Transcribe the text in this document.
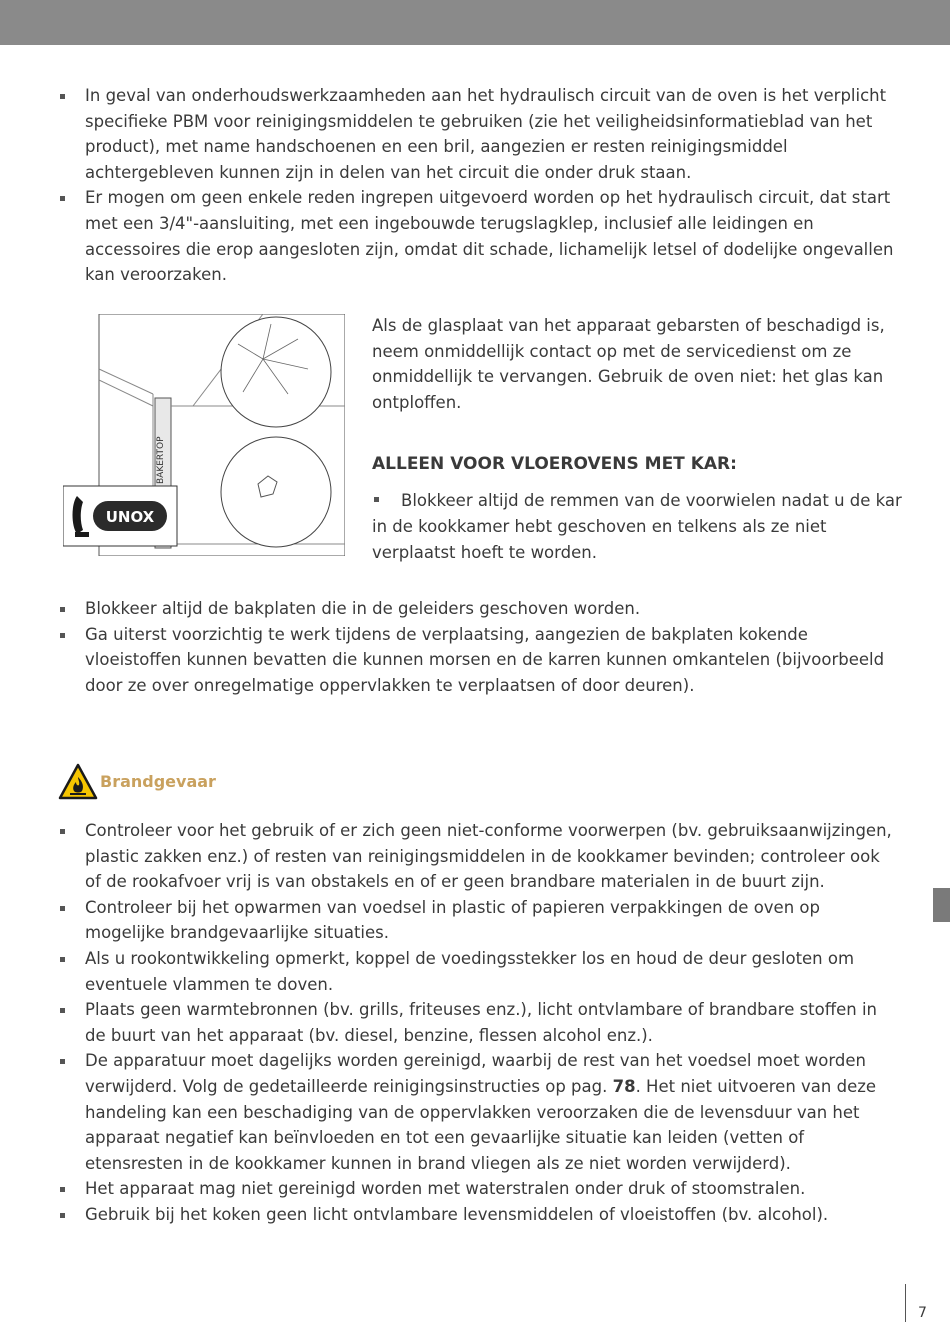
In geval van onderhoudswerkzaamheden aan het hydraulisch circuit van de oven is het verplicht specifieke PBM voor reinigingsmiddelen te gebruiken (zie het veiligheidsinformatieblad van het product), met name handschoenen en een bril, aangezien er resten reinigingsmiddel achtergebleven kunnen zijn in delen van het circuit die onder druk staan.
Er mogen om geen enkele reden ingrepen uitgevoerd worden op het hydraulisch circuit, dat start met een 3/4"-aansluiting, met een ingebouwde terugslagklep, inclusief alle leidingen en accessoires die erop aangesloten zijn, omdat dit schade, lichamelijk letsel of dodelijke ongevallen kan veroorzaken.
BAKERTOP
UNOX

Als de glasplaat van het apparaat gebarsten of beschadigd is, neem onmiddellijk contact op met de servicedienst om ze onmiddellijk te vervangen. Gebruik de oven niet: het glas kan ontploffen.

ALLEEN VOOR VLOEROVENS MET KAR:
Blokkeer altijd de remmen van de voorwielen nadat u de kar in de kookkamer hebt geschoven en telkens als ze niet verplaatst hoeft te worden.
Blokkeer altijd de bakplaten die in de geleiders geschoven worden.
Ga uiterst voorzichtig te werk tijdens de verplaatsing, aangezien de bakplaten kokende vloeistoffen kunnen bevatten die kunnen morsen en de karren kunnen omkantelen (bijvoorbeeld door ze over onregelmatige oppervlakken te verplaatsen of door deuren).
Brandgevaar
Controleer voor het gebruik of er zich geen niet-conforme voorwerpen (bv. gebruiksaanwijzingen, plastic zakken enz.) of resten van reinigingsmiddelen in de kookkamer bevinden; controleer ook of de rookafvoer vrij is van obstakels en of er geen brandbare materialen in de buurt zijn.
Controleer bij het opwarmen van voedsel in plastic of papieren verpakkingen de oven op mogelijke brandgevaarlijke situaties.
Als u rookontwikkeling opmerkt, koppel de voedingsstekker los en houd de deur gesloten om eventuele vlammen te doven.
Plaats geen warmtebronnen (bv. grills, friteuses enz.), licht ontvlambare of brandbare stoffen in de buurt van het apparaat (bv. diesel, benzine, flessen alcohol enz.).
De apparatuur moet dagelijks worden gereinigd, waarbij de rest van het voedsel moet worden verwijderd. Volg de gedetailleerde reinigingsinstructies op pag. 78. Het niet uitvoeren van deze handeling kan een beschadiging van de oppervlakken veroorzaken die de levensduur van het apparaat negatief kan beïnvloeden en tot een gevaarlijke situatie kan leiden (vetten of etensresten in de kookkamer kunnen in brand vliegen als ze niet worden verwijderd).
Het apparaat mag niet gereinigd worden met waterstralen onder druk of stoomstralen.
Gebruik bij het koken geen licht ontvlambare levensmiddelen of vloeistoffen (bv. alcohol).
7
